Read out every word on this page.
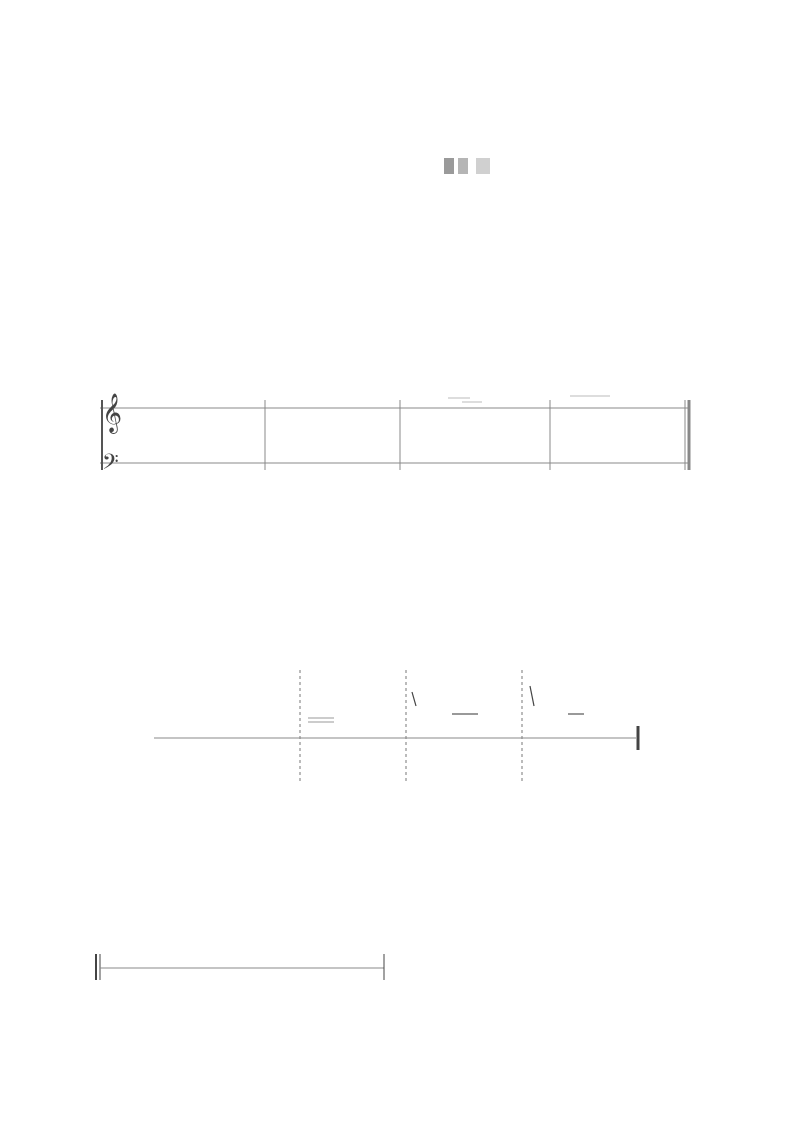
𝄞
𝄢
